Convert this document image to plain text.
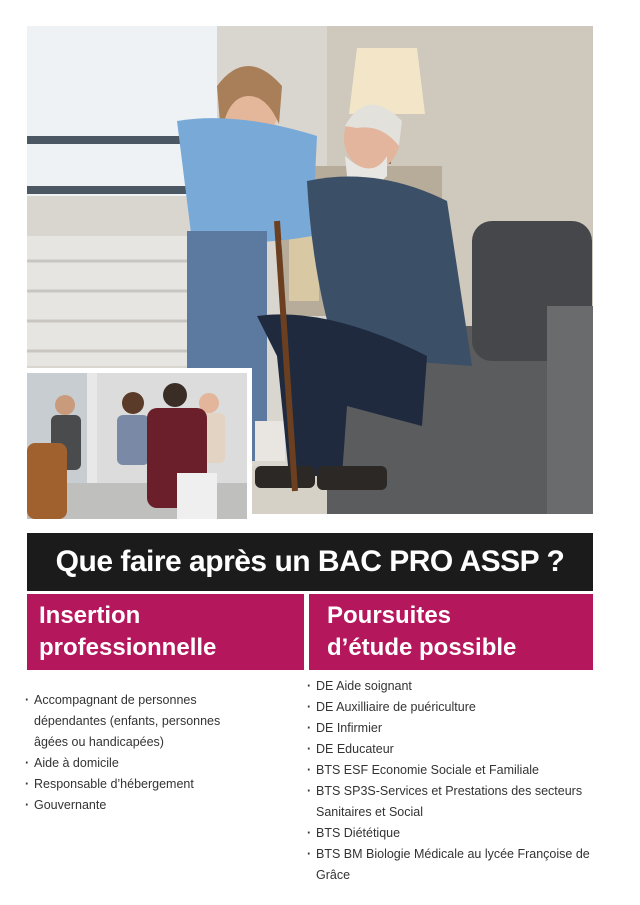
Que faire après un BAC PRO ASSP ?
Insertion
professionnelle
Poursuites
d’étude possible
· Accompagnant de personnes dépendantes (enfants, personnes âgées ou handicapées)
· Aide à domicile
· Responsable d’hébergement
· Gouvernante
· DE Aide soignant
· DE Auxilliaire de puériculture
· DE Infirmier
· DE Educateur
· BTS ESF Economie Sociale et Familiale
· BTS SP3S-Services et Prestations des secteurs Sanitaires et Social
· BTS Diététique
· BTS BM Biologie Médicale au lycée Françoise de Grâce
